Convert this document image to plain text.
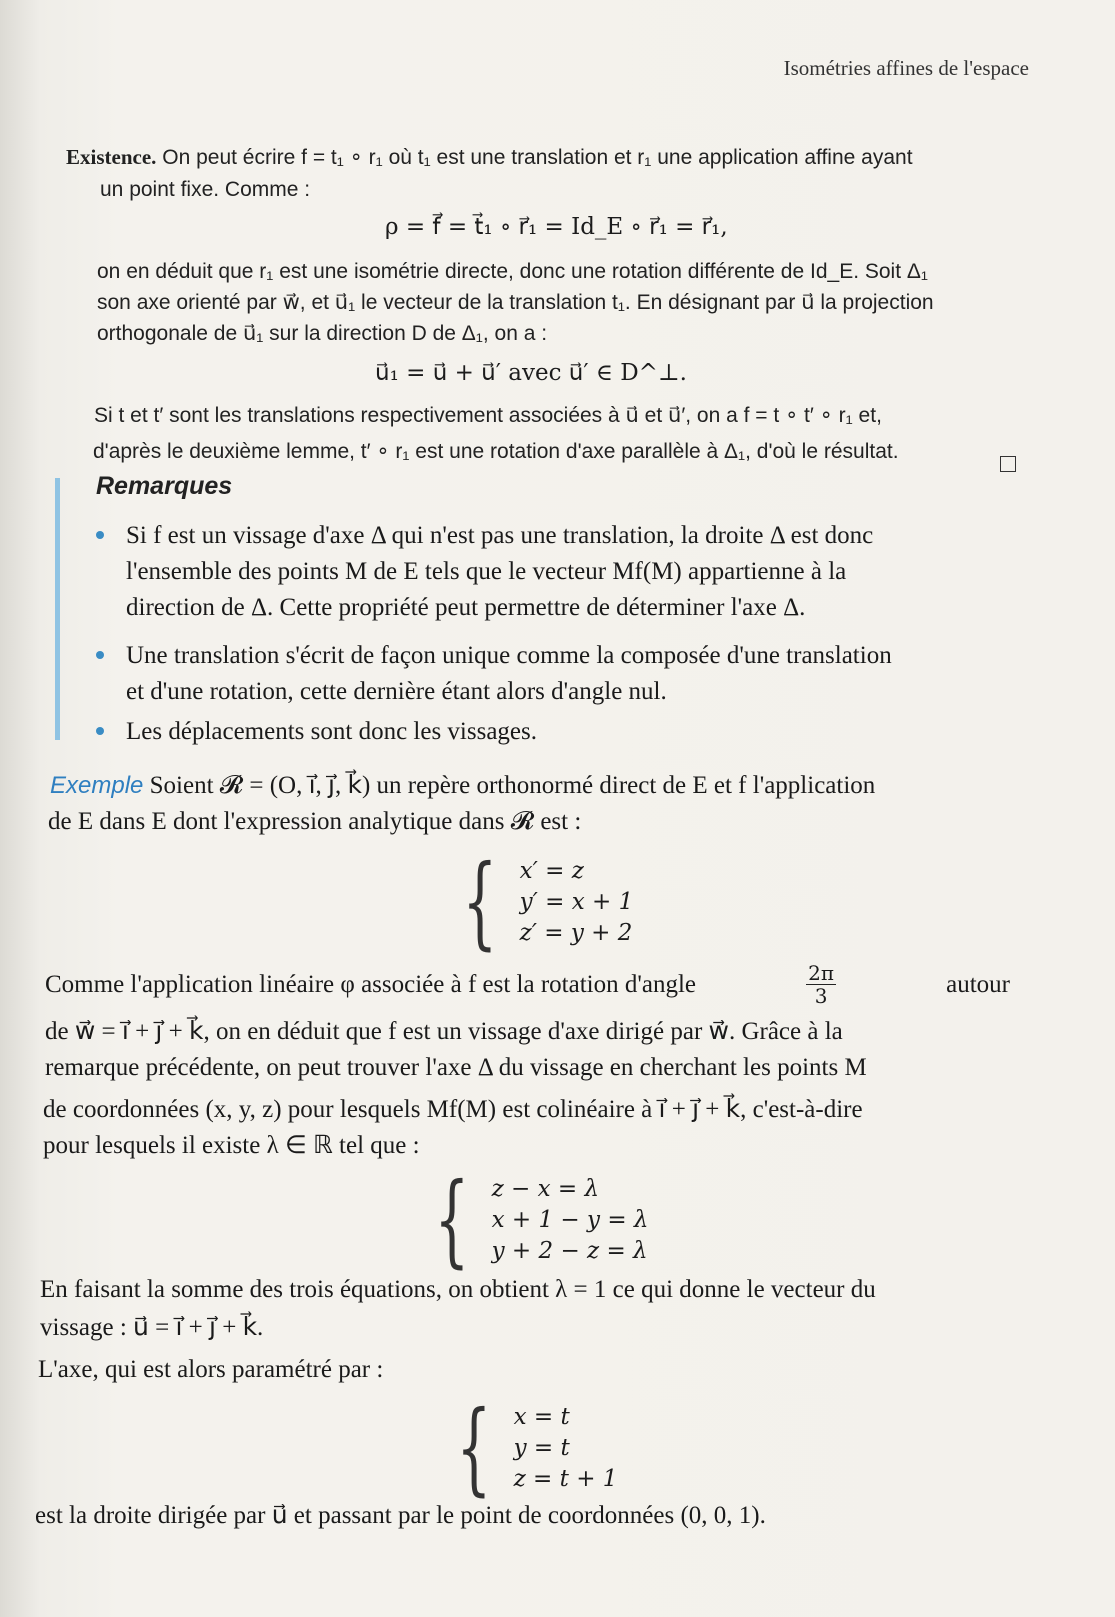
Isométries affines de l'espace
Existence. On peut écrire f = t₁ ∘ r₁ où t₁ est une translation et r₁ une application affine ayant
un point fixe. Comme :
ρ = f⃗ = t⃗₁ ∘ r⃗₁ = Id_E ∘ r⃗₁ = r⃗₁,
on en déduit que r₁ est une isométrie directe, donc une rotation différente de Id_E. Soit Δ₁
son axe orienté par w⃗, et u⃗₁ le vecteur de la translation t₁. En désignant par u⃗ la projection
orthogonale de u⃗₁ sur la direction D de Δ₁, on a :
u⃗₁ = u⃗ + u⃗′ avec u⃗′ ∈ D^⊥.
Si t et t′ sont les translations respectivement associées à u⃗ et u⃗′, on a f = t ∘ t′ ∘ r₁ et,
d'après le deuxième lemme, t′ ∘ r₁ est une rotation d'axe parallèle à Δ₁, d'où le résultat.
Remarques
Si f est un vissage d'axe Δ qui n'est pas une translation, la droite Δ est donc
l'ensemble des points M de E tels que le vecteur Mf(M) appartienne à la
direction de Δ. Cette propriété peut permettre de déterminer l'axe Δ.
Une translation s'écrit de façon unique comme la composée d'une translation
et d'une rotation, cette dernière étant alors d'angle nul.
Les déplacements sont donc les vissages.
Exemple Soient 𝓡 = (O, ı⃗, ȷ⃗, k⃗) un repère orthonormé direct de E et f l'application
de E dans E dont l'expression analytique dans 𝓡 est :
{ x′ = z
y′ = x + 1
z′ = y + 2
Comme l'application linéaire φ associée à f est la rotation d'angle	$\frac{2\pi}{3}$	autour
de w⃗ = ı⃗ + ȷ⃗ + k⃗, on en déduit que f est un vissage d'axe dirigé par w⃗. Grâce à la
remarque précédente, on peut trouver l'axe Δ du vissage en cherchant les points M
de coordonnées (x, y, z) pour lesquels Mf(M) est colinéaire à ı⃗ + ȷ⃗ + k⃗, c'est-à-dire
pour lesquels il existe λ ∈ ℝ tel que :
{ z − x = λ
x + 1 − y = λ
y + 2 − z = λ
En faisant la somme des trois équations, on obtient λ = 1 ce qui donne le vecteur du
vissage : u⃗ = ı⃗ + ȷ⃗ + k⃗.
L'axe, qui est alors paramétré par :
{ x = t
y = t
z = t + 1
est la droite dirigée par u⃗ et passant par le point de coordonnées (0, 0, 1).
